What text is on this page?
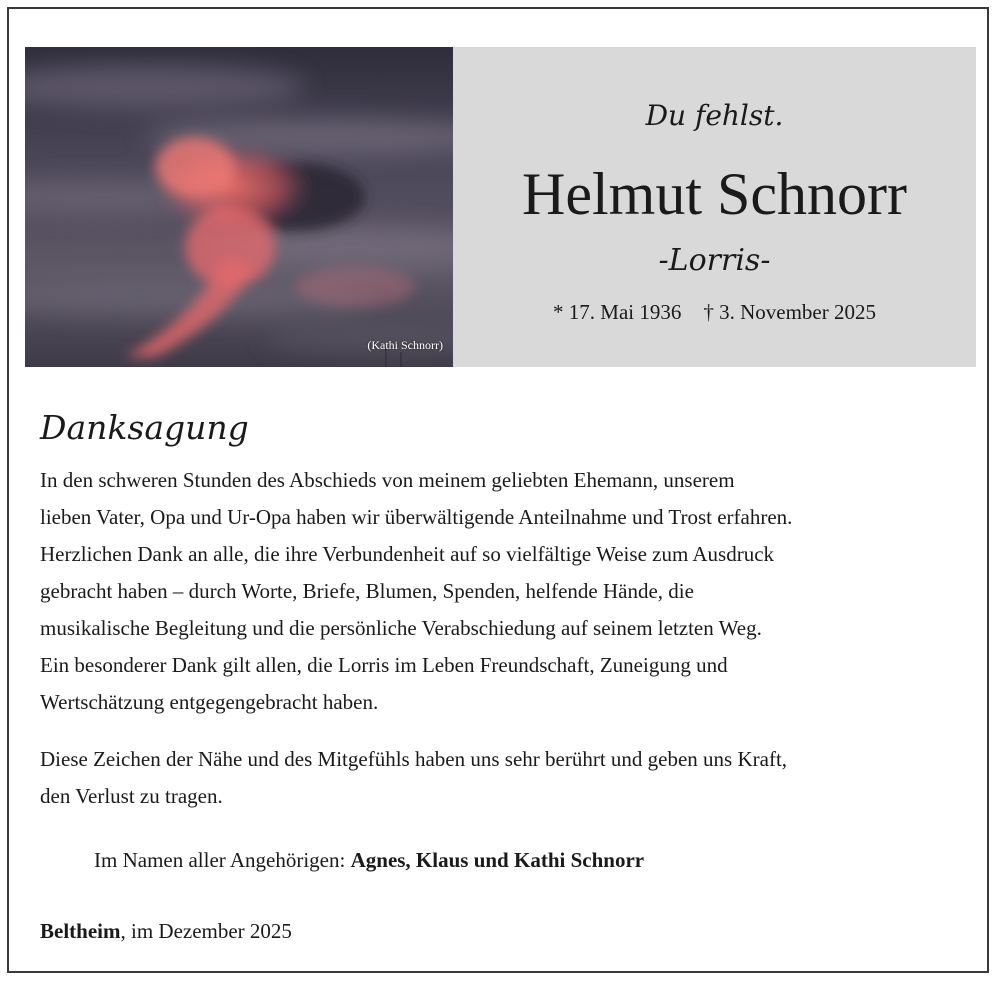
(Kathi Schnorr)
Du fehlst.
Helmut Schnorr
-Lorris-
* 17. Mai 1936 † 3. November 2025
Danksagung
In den schweren Stunden des Abschieds von meinem geliebten Ehemann, unserem
lieben Vater, Opa und Ur-Opa haben wir überwältigende Anteilnahme und Trost erfahren.
Herzlichen Dank an alle, die ihre Verbundenheit auf so vielfältige Weise zum Ausdruck
gebracht haben – durch Worte, Briefe, Blumen, Spenden, helfende Hände, die
musikalische Begleitung und die persönliche Verabschiedung auf seinem letzten Weg.
Ein besonderer Dank gilt allen, die Lorris im Leben Freundschaft, Zuneigung und
Wertschätzung entgegengebracht haben.
Diese Zeichen der Nähe und des Mitgefühls haben uns sehr berührt und geben uns Kraft,
den Verlust zu tragen.
Im Namen aller Angehörigen: Agnes, Klaus und Kathi Schnorr
Beltheim, im Dezember 2025
